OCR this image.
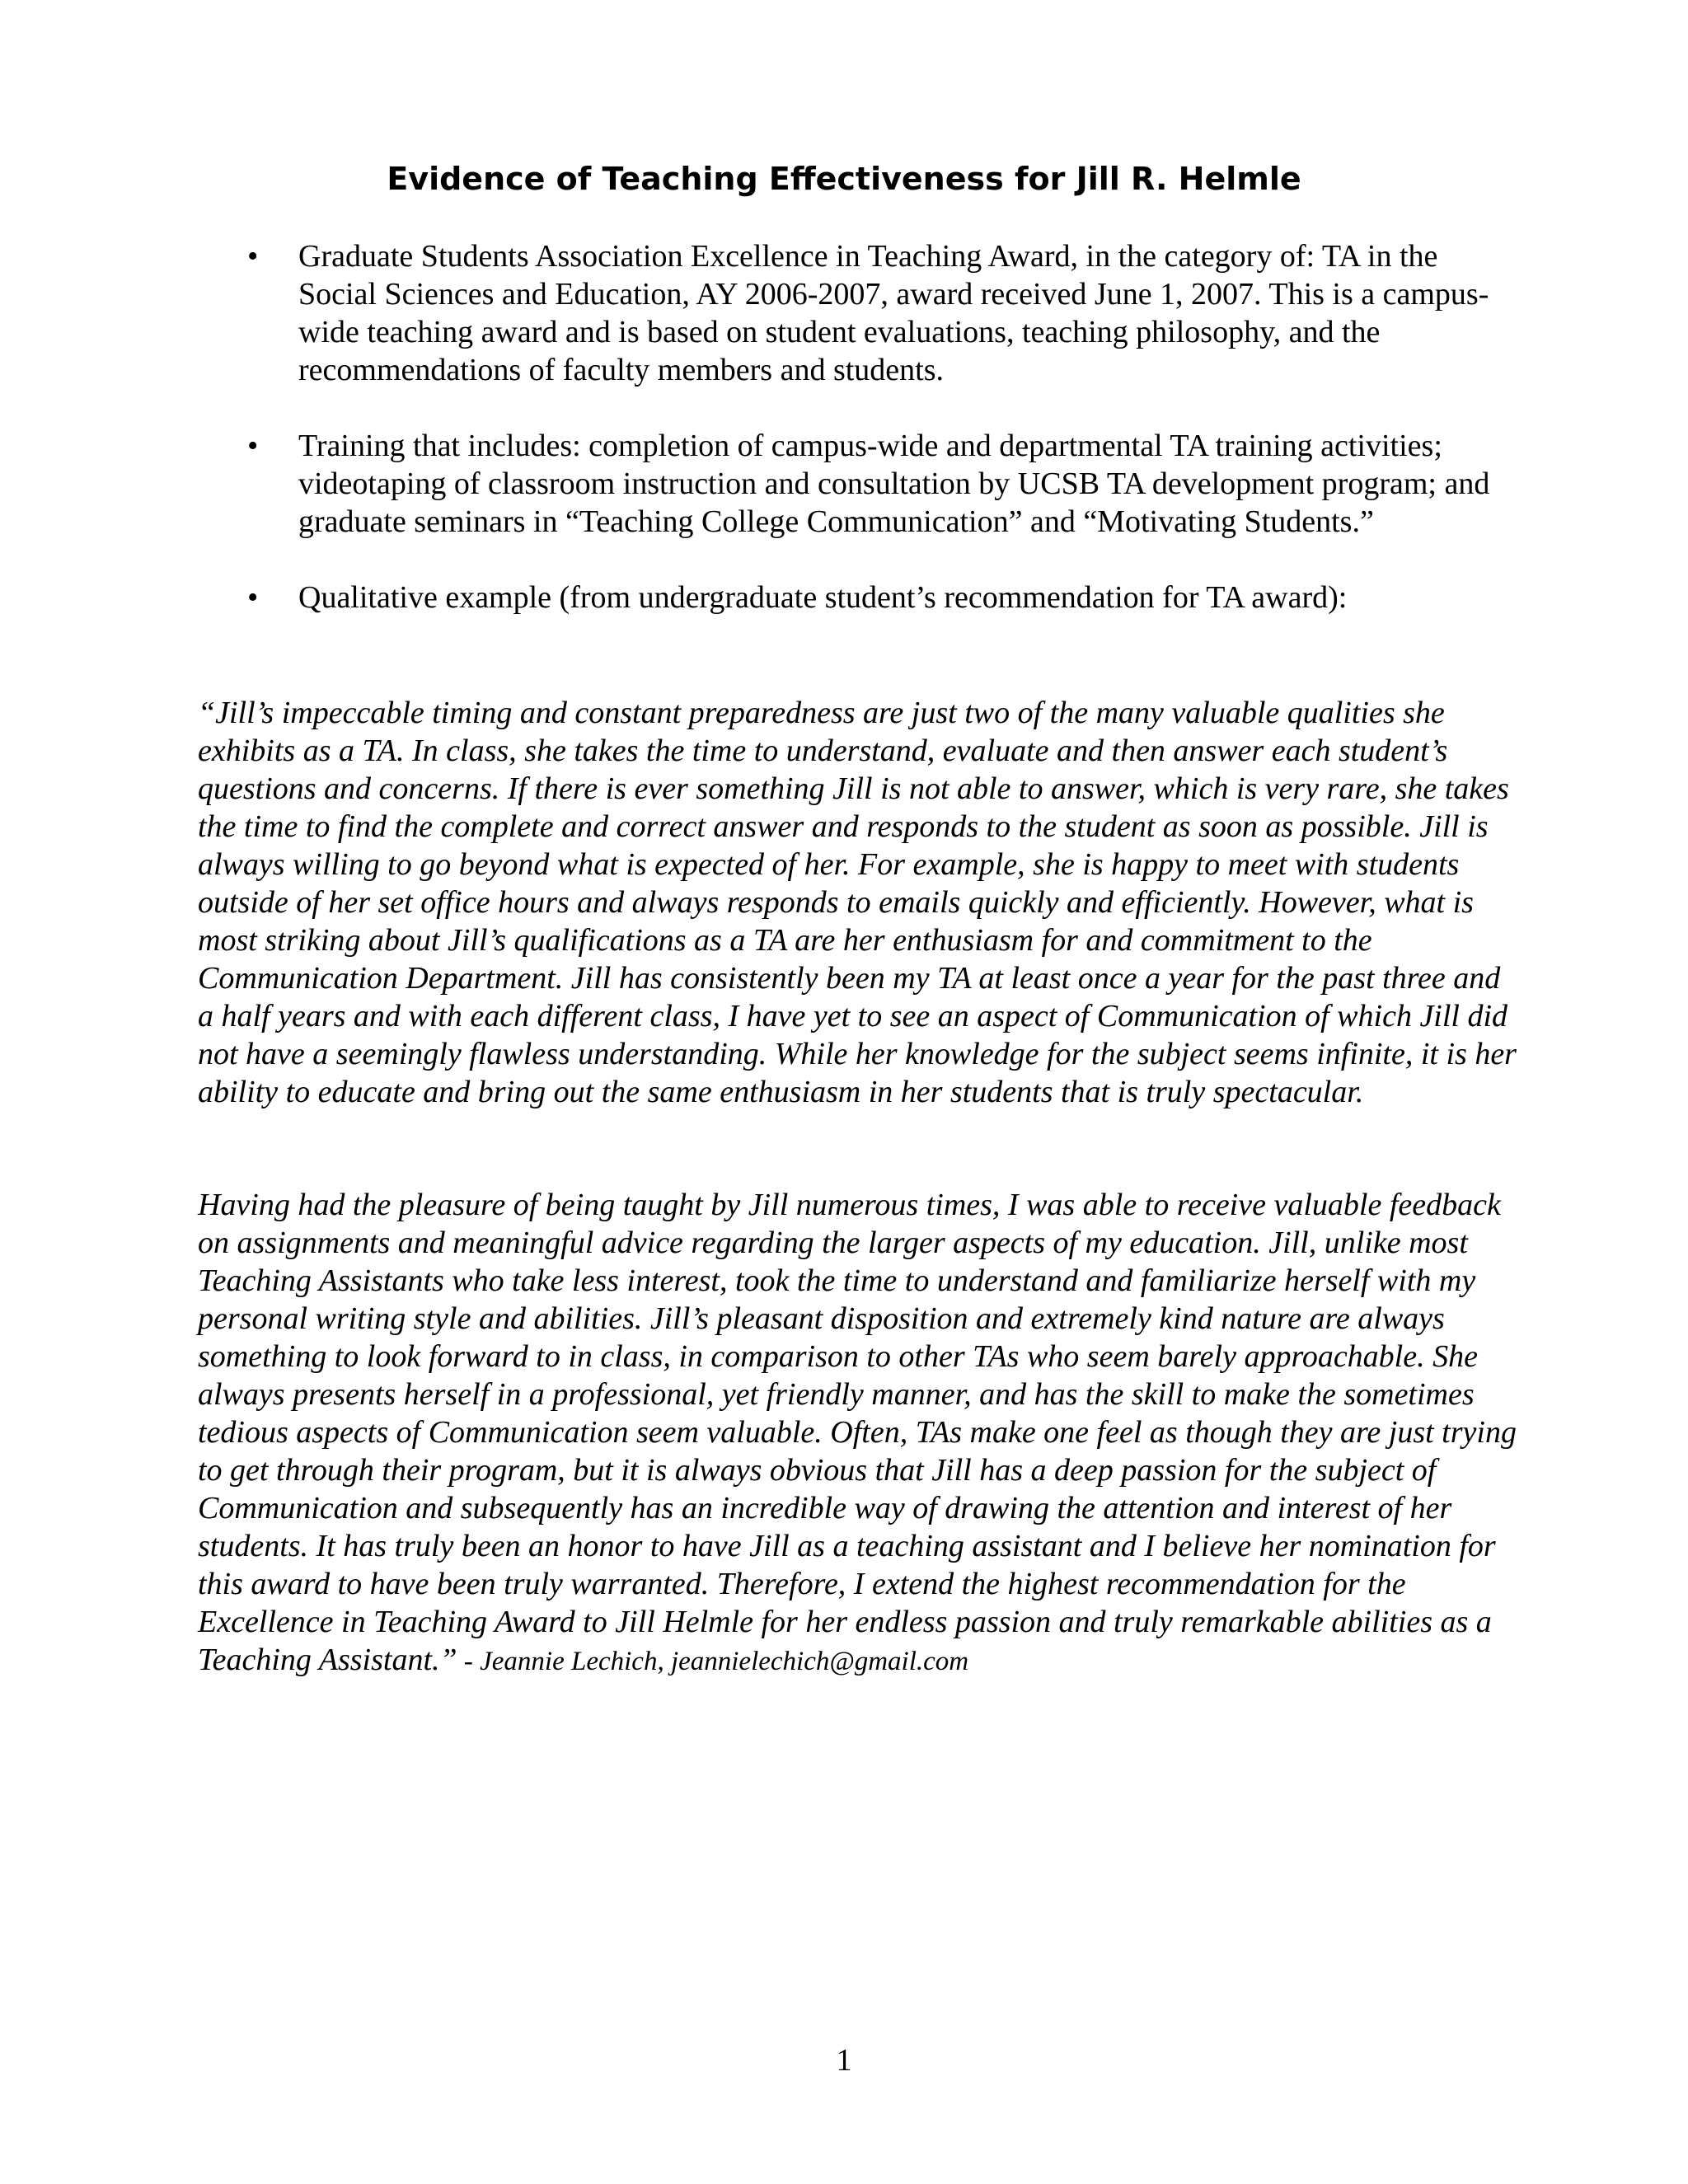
Evidence of Teaching Effectiveness for Jill R. Helmle
•	Graduate Students Association Excellence in Teaching Award, in the category of: TA in the Social Sciences and Education, AY 2006-2007, award received June 1, 2007. This is a campus-wide teaching award and is based on student evaluations, teaching philosophy, and the recommendations of faculty members and students.
•	Training that includes: completion of campus-wide and departmental TA training activities; videotaping of classroom instruction and consultation by UCSB TA development program; and graduate seminars in “Teaching College Communication” and “Motivating Students.”
•	Qualitative example (from undergraduate student’s recommendation for TA award):

“Jill’s impeccable timing and constant preparedness are just two of the many valuable qualities she exhibits as a TA. In class, she takes the time to understand, evaluate and then answer each student’s questions and concerns. If there is ever something Jill is not able to answer, which is very rare, she takes the time to find the complete and correct answer and responds to the student as soon as possible. Jill is always willing to go beyond what is expected of her. For example, she is happy to meet with students outside of her set office hours and always responds to emails quickly and efficiently. However, what is most striking about Jill’s qualifications as a TA are her enthusiasm for and commitment to the Communication Department. Jill has consistently been my TA at least once a year for the past three and a half years and with each different class, I have yet to see an aspect of Communication of which Jill did not have a seemingly flawless understanding. While her knowledge for the subject seems infinite, it is her ability to educate and bring out the same enthusiasm in her students that is truly spectacular.

Having had the pleasure of being taught by Jill numerous times, I was able to receive valuable feedback on assignments and meaningful advice regarding the larger aspects of my education. Jill, unlike most Teaching Assistants who take less interest, took the time to understand and familiarize herself with my personal writing style and abilities. Jill’s pleasant disposition and extremely kind nature are always something to look forward to in class, in comparison to other TAs who seem barely approachable. She always presents herself in a professional, yet friendly manner, and has the skill to make the sometimes tedious aspects of Communication seem valuable. Often, TAs make one feel as though they are just trying to get through their program, but it is always obvious that Jill has a deep passion for the subject of Communication and subsequently has an incredible way of drawing the attention and interest of her students. It has truly been an honor to have Jill as a teaching assistant and I believe her nomination for this award to have been truly warranted. Therefore, I extend the highest recommendation for the Excellence in Teaching Award to Jill Helmle for her endless passion and truly remarkable abilities as a Teaching Assistant.” - Jeannie Lechich, jeannielechich@gmail.com

1
